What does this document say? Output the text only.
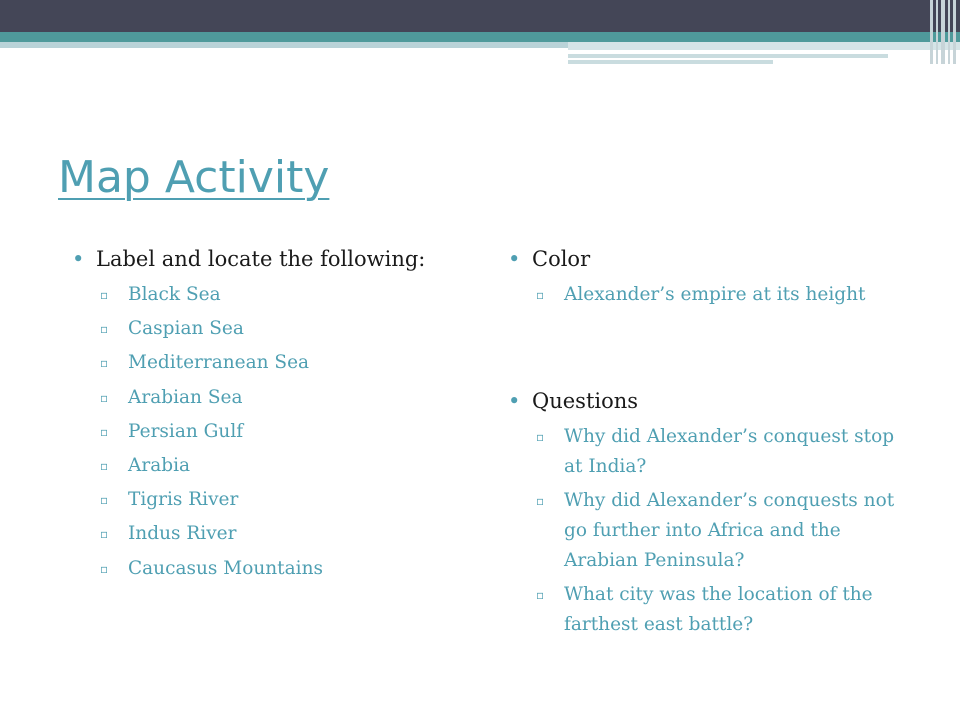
Map Activity
• Label and locate the following:
▫ Black Sea
▫ Caspian Sea
▫ Mediterranean Sea
▫ Arabian Sea
▫ Persian Gulf
▫ Arabia
▫ Tigris River
▫ Indus River
▫ Caucasus Mountains
• Color
▫ Alexander’s empire at its height
• Questions
▫ Why did Alexander’s conquest stop at India?
▫ Why did Alexander’s conquests not go further into Africa and the Arabian Peninsula?
▫ What city was the location of the farthest east battle?
